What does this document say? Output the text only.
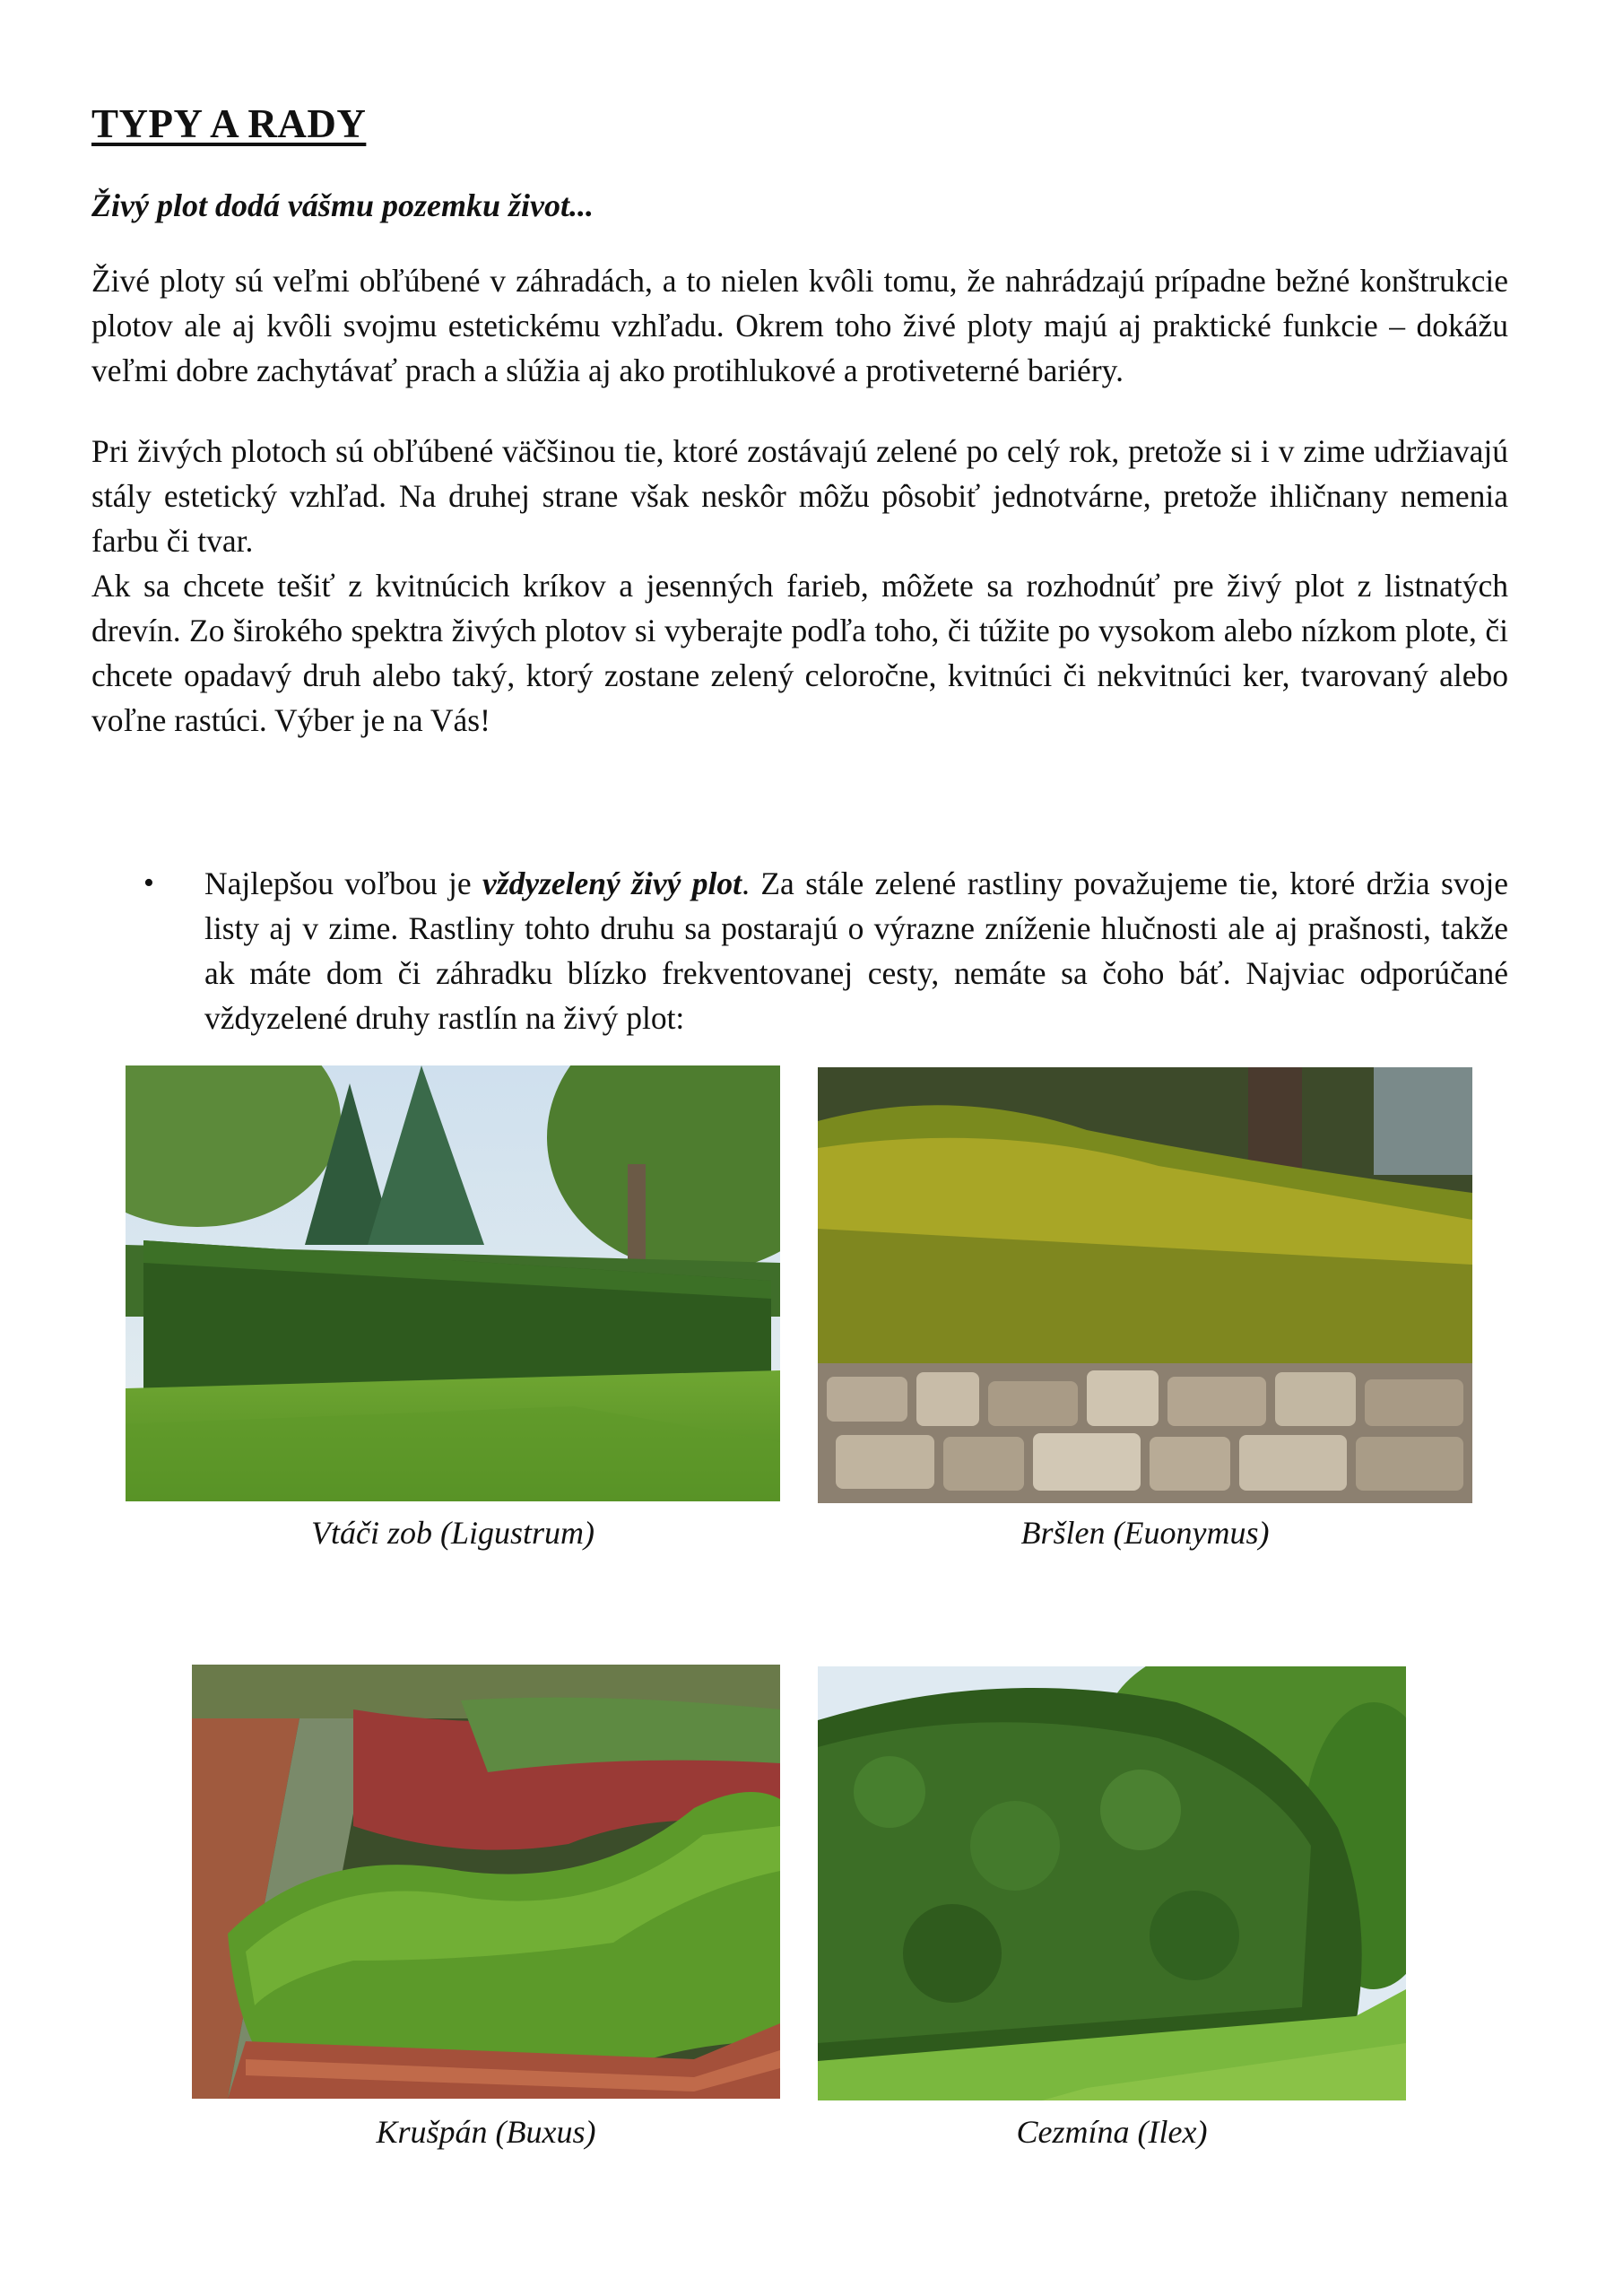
TYPY A RADY

Živý plot dodá vášmu pozemku život...

Živé ploty sú veľmi obľúbené v záhradách, a to nielen kvôli tomu, že nahrádzajú prípadne bežné konštrukcie plotov ale aj kvôli svojmu estetickému vzhľadu. Okrem toho živé ploty majú aj praktické funkcie – dokážu veľmi dobre zachytávať prach a slúžia aj ako protihlukové a protiveterné bariéry.

Pri živých plotoch sú obľúbené väčšinou tie, ktoré zostávajú zelené po celý rok, pretože si i v zime udržiavajú stály estetický vzhľad. Na druhej strane však neskôr môžu pôsobiť jednotvárne, pretože ihličnany nemenia farbu či tvar.

Ak sa chcete tešiť z kvitnúcich kríkov a jesenných farieb, môžete sa rozhodnúť pre živý plot z listnatých drevín. Zo širokého spektra živých plotov si vyberajte podľa toho, či túžite po vysokom alebo nízkom plote, či chcete opadavý druh alebo taký, ktorý zostane zelený celoročne, kvitnúci či nekvitnúci ker, tvarovaný alebo voľne rastúci. Výber je na Vás!

• Najlepšou voľbou je vždyzelený živý plot. Za stále zelené rastliny považujeme tie, ktoré držia svoje listy aj v zime. Rastliny tohto druhu sa postarajú o výrazne zníženie hlučnosti ale aj prašnosti, takže ak máte dom či záhradku blízko frekventovanej cesty, nemáte sa čoho báť. Najviac odporúčané vždyzelené druhy rastlín na živý plot:

Vtáči zob (Ligustrum)	Bršlen (Euonymus)

Krušpán (Buxus)	Cezmína (Ilex)
